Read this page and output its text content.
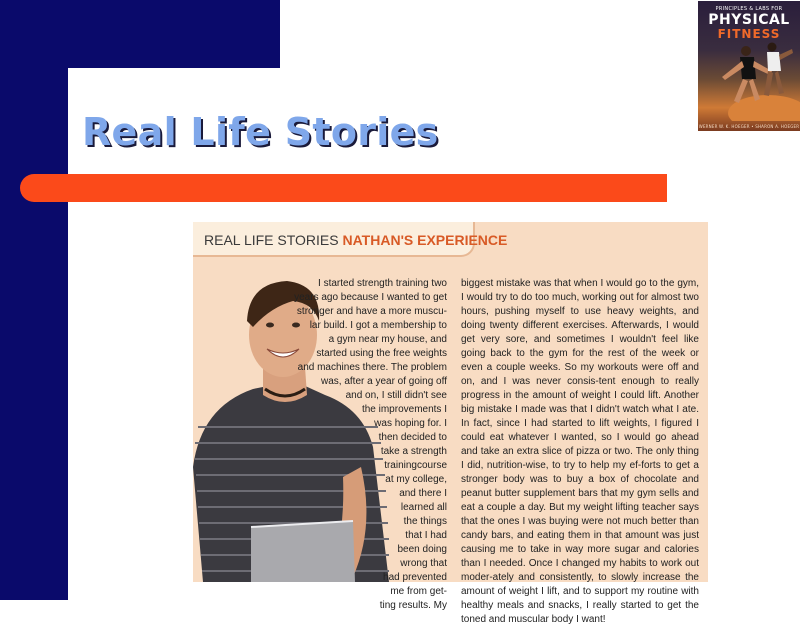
Real Life Stories
PRINCIPLES & LABS FOR
PHYSICAL
FITNESS
WERNER W. K. HOEGER • SHARON A. HOEGER
REAL LIFE STORIES NATHAN'S EXPERIENCE
I started strength training two
years ago because I wanted to get
stronger and have a more muscu-
lar build. I got a membership to
a gym near my house, and
started using the free weights
and machines there. The problem
was, after a year of going off
and on, I still didn't see
the improvements I
was hoping for. I
then decided to
take a strength
trainingcourse
at my college,
and there I
learned all
the things
that I had
been doing
wrong that
had prevented
me from get-
ting results. My

biggest mistake was that when I would go to the gym, I would try to do too much, working out for almost two hours, pushing myself to use heavy weights, and doing twenty different exercises. Afterwards, I would get very sore, and sometimes I wouldn't feel like going back to the gym for the rest of the week or even a couple weeks. So my workouts were off and on, and I was never consis-tent enough to really progress in the amount of weight I could lift. Another big mistake I made was that I didn't watch what I ate. In fact, since I had started to lift weights, I figured I could eat whatever I wanted, so I would go ahead and take an extra slice of pizza or two. The only thing I did, nutrition-wise, to try to help my ef-forts to get a stronger body was to buy a box of chocolate and peanut butter supplement bars that my gym sells and eat a couple a day. But my weight lifting teacher says that the ones I was buying were not much better than candy bars, and eating them in that amount was just causing me to take in way more sugar and calories than I needed. Once I changed my habits to work out moder-ately and consistently, to slowly increase the amount of weight I lift, and to support my routine with healthy meals and snacks, I really started to get the toned and muscular body I want!
